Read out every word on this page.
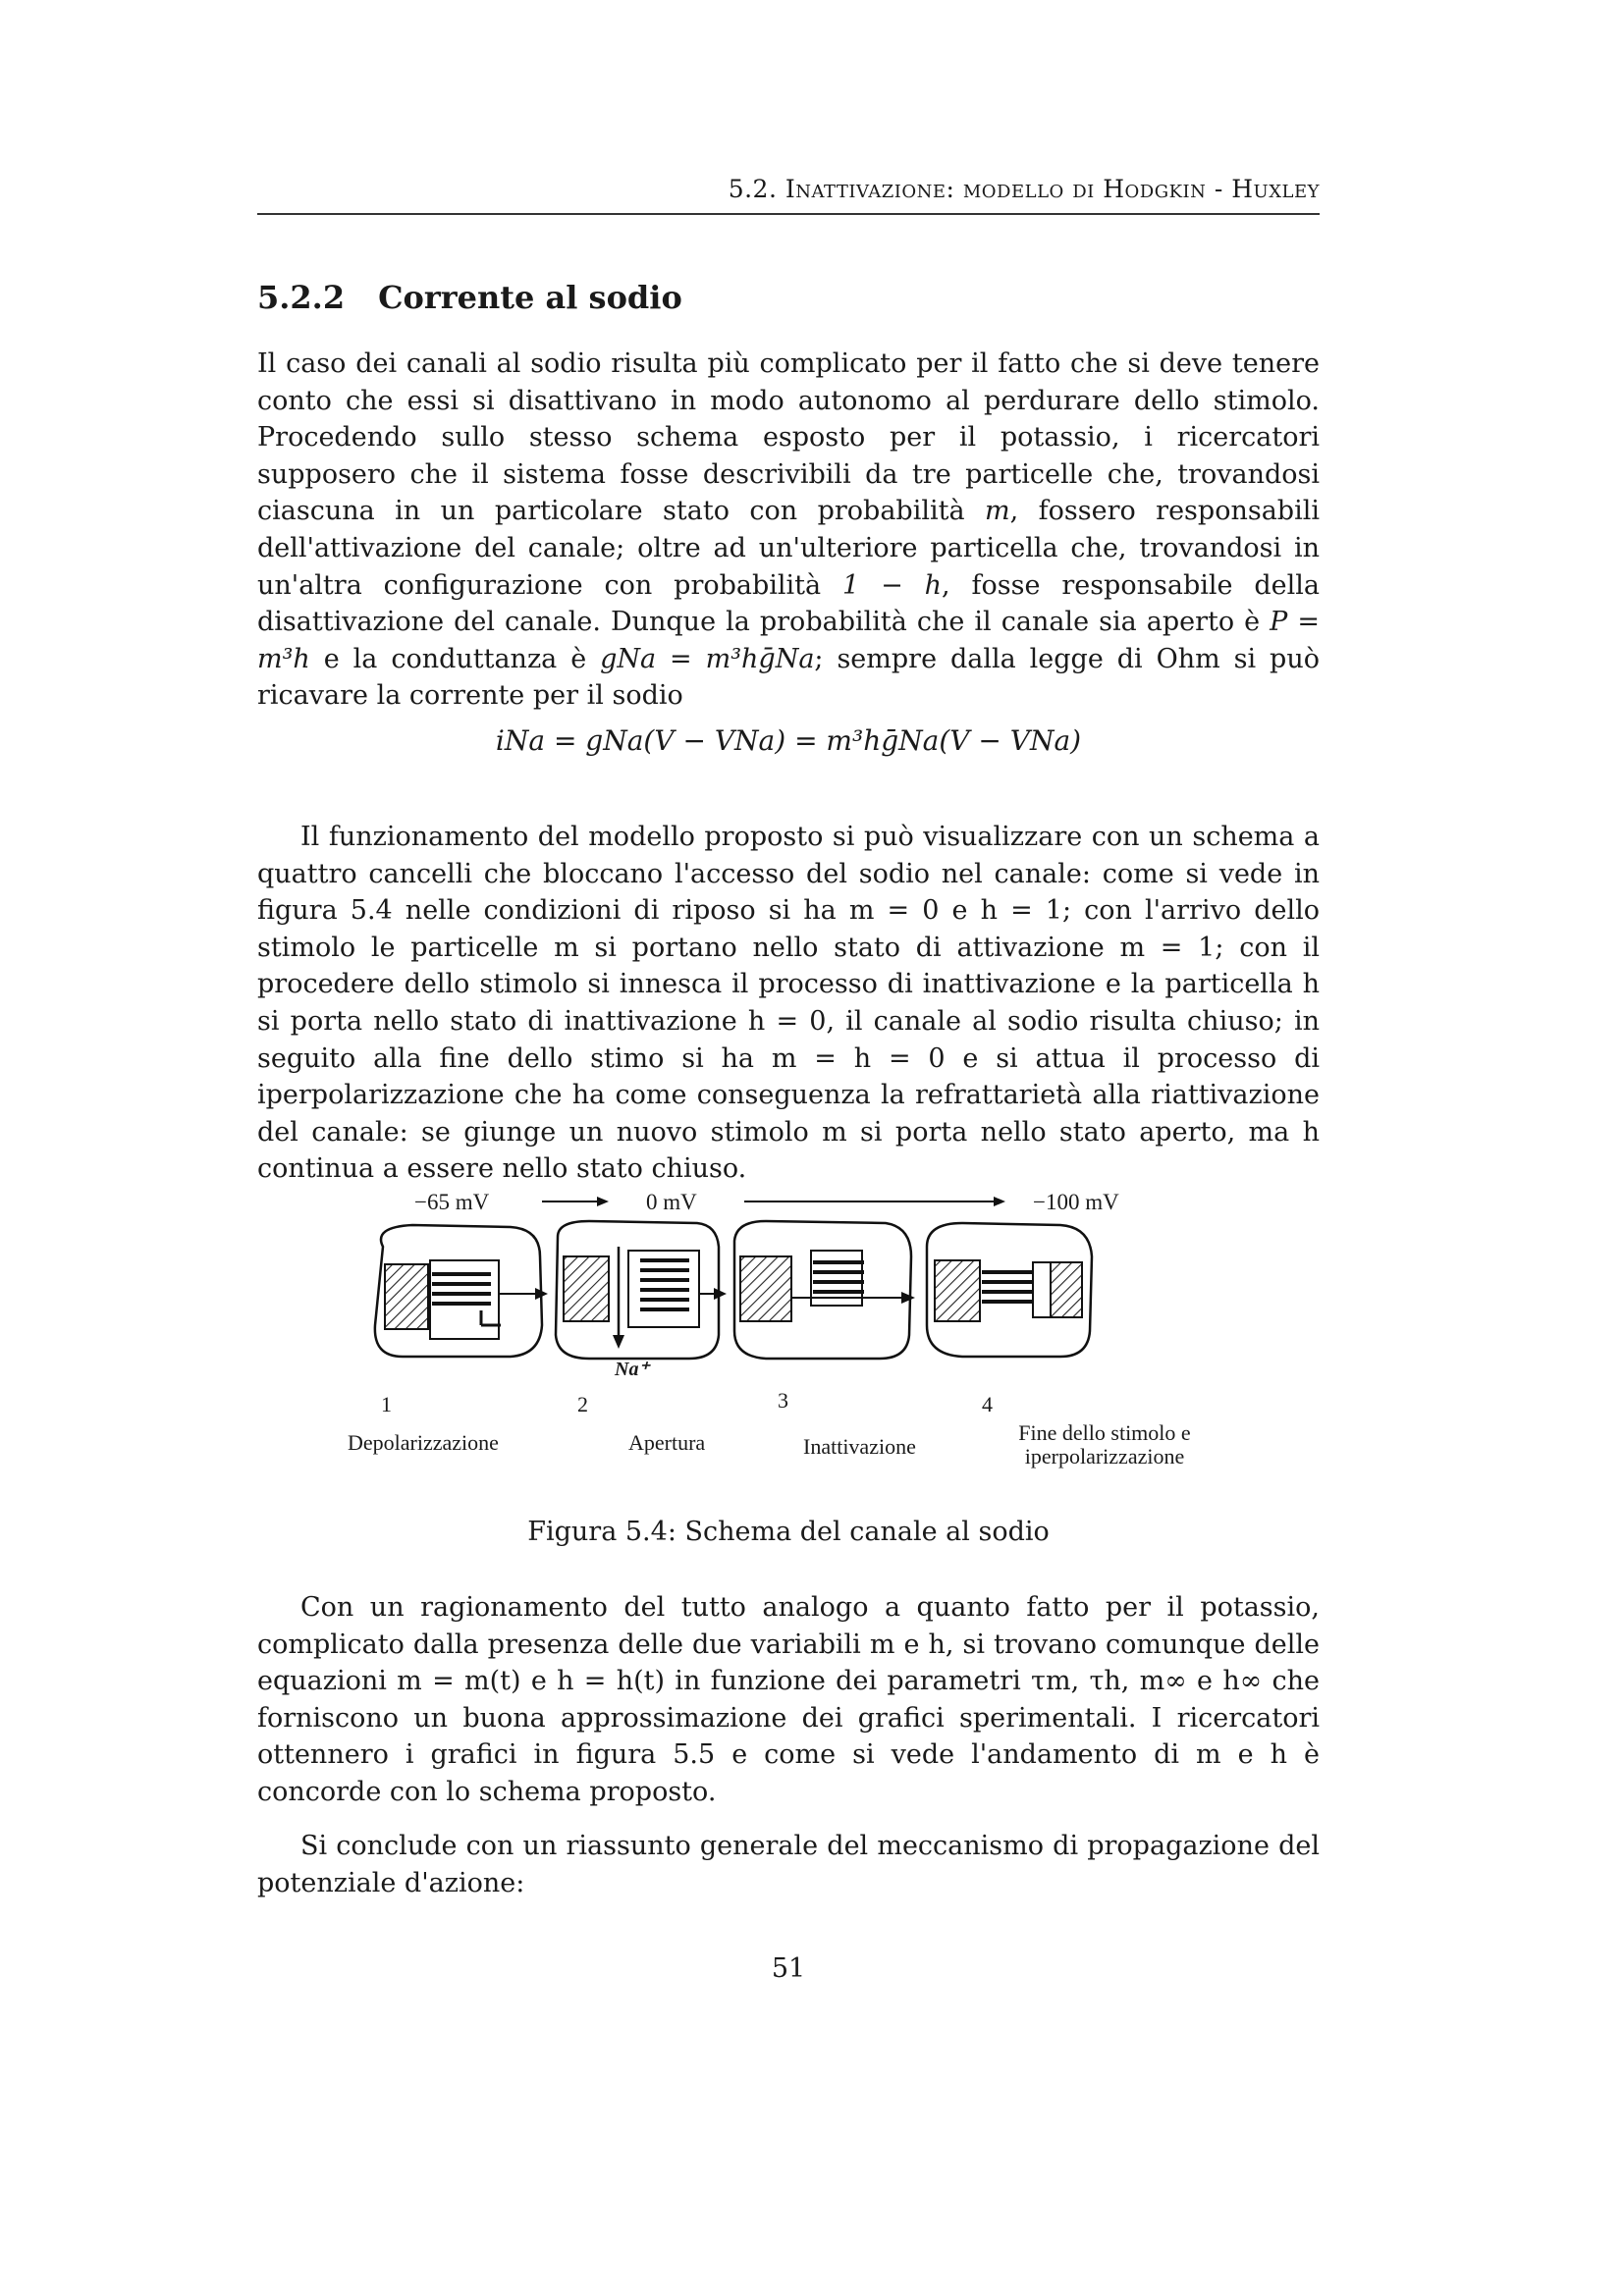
5.2. Inattivazione: modello di Hodgkin - Huxley
5.2.2 Corrente al sodio

Il caso dei canali al sodio risulta più complicato per il fatto che si deve tenere conto che essi si disattivano in modo autonomo al perdurare dello stimolo. Procedendo sullo stesso schema esposto per il potassio, i ricercatori supposero che il sistema fosse descrivibili da tre particelle che, trovandosi ciascuna in un particolare stato con probabilità m, fossero responsabili dell'attivazione del canale; oltre ad un'ulteriore particella che, trovandosi in un'altra configurazione con probabilità 1 − h, fosse responsabile della disattivazione del canale. Dunque la probabilità che il canale sia aperto è P = m³h e la conduttanza è gNa = m³hḡNa; sempre dalla legge di Ohm si può ricavare la corrente per il sodio

iNa = gNa(V − VNa) = m³hḡNa(V − VNa)

Il funzionamento del modello proposto si può visualizzare con un schema a quattro cancelli che bloccano l'accesso del sodio nel canale: come si vede in figura 5.4 nelle condizioni di riposo si ha m = 0 e h = 1; con l'arrivo dello stimolo le particelle m si portano nello stato di attivazione m = 1; con il procedere dello stimolo si innesca il processo di inattivazione e la particella h si porta nello stato di inattivazione h = 0, il canale al sodio risulta chiuso; in seguito alla fine dello stimo si ha m = h = 0 e si attua il processo di iperpolarizzazione che ha come conseguenza la refrattarietà alla riattivazione del canale: se giunge un nuovo stimolo m si porta nello stato aperto, ma h continua a essere nello stato chiuso.

−65 mV	0 mV	−100 mV
Na⁺
1	2	3	4
Depolarizzazione	Apertura	Inattivazione
Fine dello stimolo e
iperpolarizzazione
Figura 5.4: Schema del canale al sodio

Con un ragionamento del tutto analogo a quanto fatto per il potassio, complicato dalla presenza delle due variabili m e h, si trovano comunque delle equazioni m = m(t) e h = h(t) in funzione dei parametri τm, τh, m∞ e h∞ che forniscono un buona approssimazione dei grafici sperimentali. I ricercatori ottennero i grafici in figura 5.5 e come si vede l'andamento di m e h è concorde con lo schema proposto.

Si conclude con un riassunto generale del meccanismo di propagazione del potenziale d'azione:

51
